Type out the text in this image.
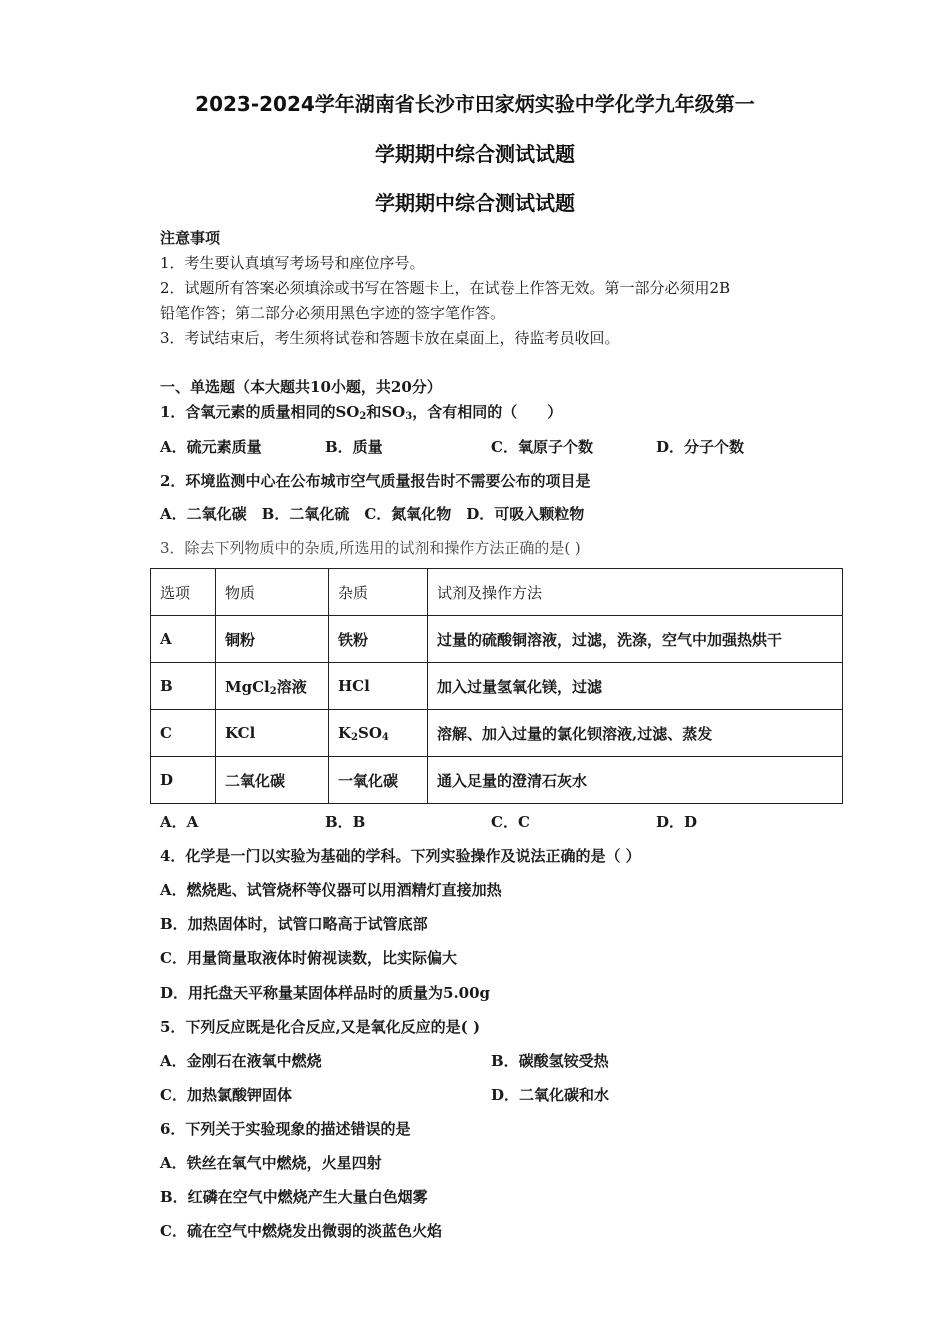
2023-2024学年湖南省长沙市田家炳实验中学化学九年级第一
学期期中综合测试试题
学期期中综合测试试题
注意事项
1．考生要认真填写考场号和座位序号。
2．试题所有答案必须填涂或书写在答题卡上，在试卷上作答无效。第一部分必须用2B
铅笔作答；第二部分必须用黑色字迹的签字笔作答。
3．考试结束后，考生须将试卷和答题卡放在桌面上，待监考员收回。
一、单选题（本大题共10小题，共20分）
1．含氧元素的质量相同的$SO_2$和$SO_3$，含有相同的（　　）
A．硫元素质量	B．质量	C．氧原子个数	D．分子个数
2．环境监测中心在公布城市空气质量报告时不需要公布的项目是
A．二氧化碳　B．二氧化硫　C．氮氧化物　D．可吸入颗粒物
3．除去下列物质中的杂质,所选用的试剂和操作方法正确的是( )
选项	物质	杂质	试剂及操作方法
A	铜粉	铁粉	过量的硫酸铜溶液，过滤，洗涤，空气中加强热烘干
B	MgCl$_2$溶液	HCl	加入过量氢氧化镁，过滤
C	KCl	$K_2SO_4$	溶解、加入过量的氯化钡溶液,过滤、蒸发
D	二氧化碳	一氧化碳	通入足量的澄清石灰水
A．A	B．B	C．C	D．D
4．化学是一门以实验为基础的学科。下列实验操作及说法正确的是（ ）
A．燃烧匙、试管烧杯等仪器可以用酒精灯直接加热
B．加热固体时，试管口略高于试管底部
C．用量筒量取液体时俯视读数，比实际偏大
D．用托盘天平称量某固体样品时的质量为5.00g
5．下列反应既是化合反应,又是氧化反应的是( )
A．金刚石在液氧中燃烧	B．碳酸氢铵受热
C．加热氯酸钾固体	D．二氧化碳和水
6．下列关于实验现象的描述错误的是
A．铁丝在氧气中燃烧，火星四射
B．红磷在空气中燃烧产生大量白色烟雾
C．硫在空气中燃烧发出微弱的淡蓝色火焰
